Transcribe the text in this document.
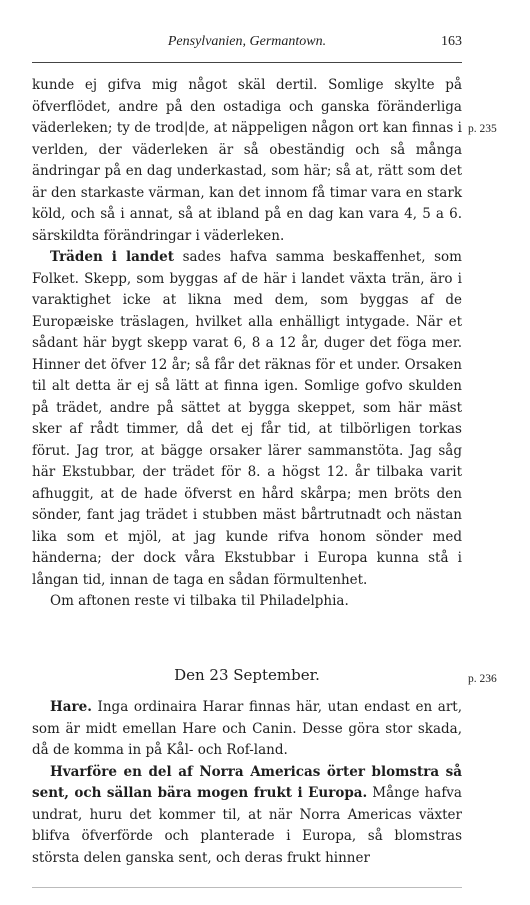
Pensylvanien, Germantown.	163
p. 235

kunde ej gifva mig något skäl dertil. Somlige skylte på öfverflödet, andre på den ostadiga och ganska föränderliga väderleken; ty de trod|de, at näppeligen någon ort kan finnas i verlden, der väderleken är så obeständig och så många ändringar på en dag underkastad, som här; så at, rätt som det är den starkaste värman, kan det innom få timar vara en stark köld, och så i annat, så at ibland på en dag kan vara 4, 5 a 6. särskildta förändringar i väderleken.

Träden i landet sades hafva samma beskaffenhet, som Folket. Skepp, som byggas af de här i landet växta trän, äro i varaktighet icke at likna med dem, som byggas af de Europæiske träslagen, hvilket alla enhälligt intygade. När et sådant här bygt skepp varat 6, 8 a 12 år, duger det föga mer. Hinner det öfver 12 år; så får det räknas för et under. Orsaken til alt detta är ej så lätt at finna igen. Somlige gofvo skulden på trädet, andre på sättet at bygga skeppet, som här mäst sker af rådt timmer, då det ej får tid, at tilbörligen torkas förut. Jag tror, at bägge orsaker lärer sammanstöta. Jag såg här Ekstubbar, der trädet för 8. a högst 12. år tilbaka varit afhuggit, at de hade öfverst en hård skårpa; men bröts den sönder, fant jag trädet i stubben mäst bårtrutnadt och nästan lika som et mjöl, at jag kunde rifva honom sönder med händerna; der dock våra Ekstubbar i Europa kunna stå i långan tid, innan de taga en sådan förmultenhet.

Om aftonen reste vi tilbaka til Philadelphia.

Den 23 September.	p. 236

Hare. Inga ordinaira Harar finnas här, utan endast en art, som är midt emellan Hare och Canin. Desse göra stor skada, då de komma in på Kål- och Rof-land.

Hvarföre en del af Norra Americas örter blomstra så sent, och sällan bära mogen frukt i Europa. Månge hafva undrat, huru det kommer til, at när Norra Americas växter blifva öfverförde och planterade i Europa, så blomstras största delen ganska sent, och deras frukt hinner
